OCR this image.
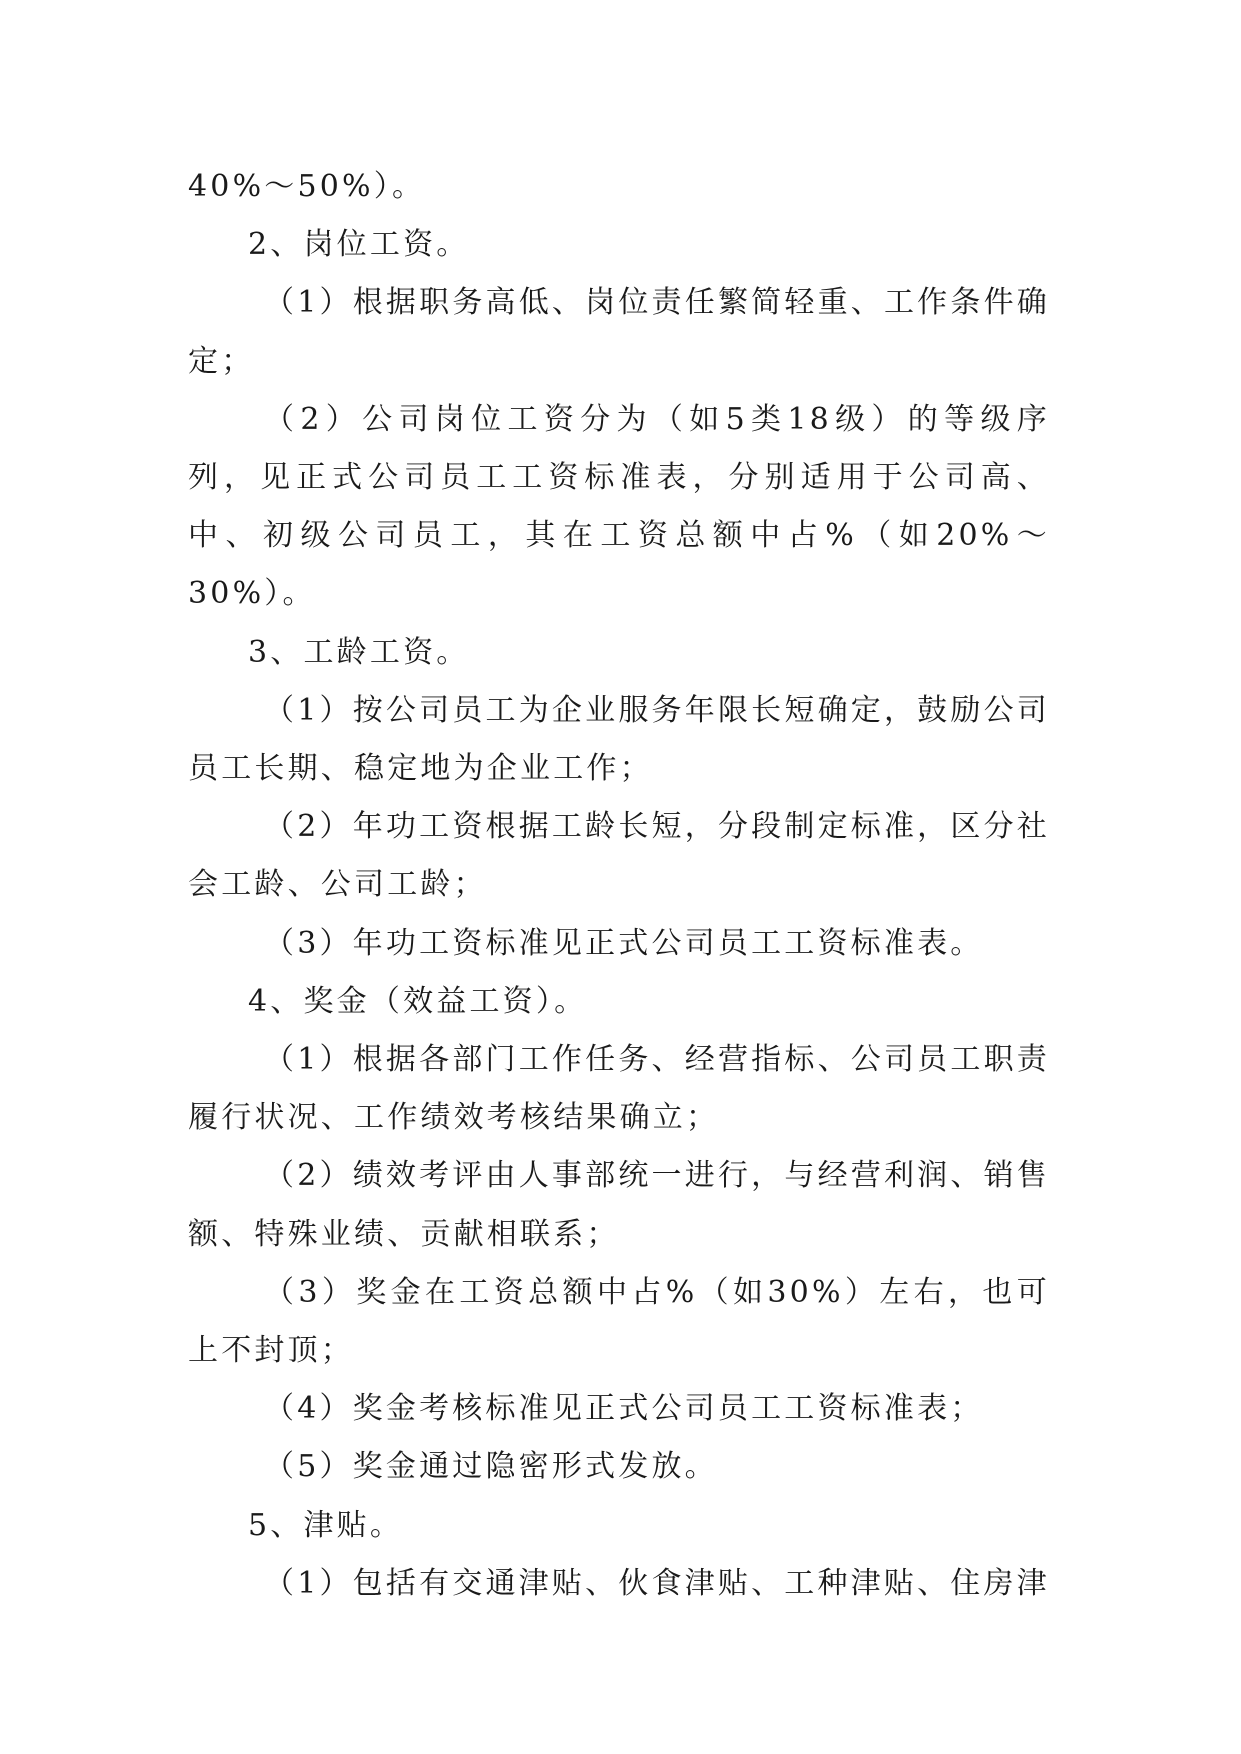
40%～50%）。

2、岗位工资。

（1）根据职务高低、岗位责任繁简轻重、工作条件确定；

（2）公司岗位工资分为（如5类18级）的等级序列，见正式公司员工工资标准表，分别适用于公司高、中、初级公司员工，其在工资总额中占%（如20%～30%）。

3、工龄工资。

（1）按公司员工为企业服务年限长短确定，鼓励公司员工长期、稳定地为企业工作；

（2）年功工资根据工龄长短，分段制定标准，区分社会工龄、公司工龄；

（3）年功工资标准见正式公司员工工资标准表。

4、奖金（效益工资）。

（1）根据各部门工作任务、经营指标、公司员工职责履行状况、工作绩效考核结果确立；

（2）绩效考评由人事部统一进行，与经营利润、销售额、特殊业绩、贡献相联系；

（3）奖金在工资总额中占%（如30%）左右，也可上不封顶；

（4）奖金考核标准见正式公司员工工资标准表；

（5）奖金通过隐密形式发放。

5、津贴。

（1）包括有交通津贴、伙食津贴、工种津贴、住房津
